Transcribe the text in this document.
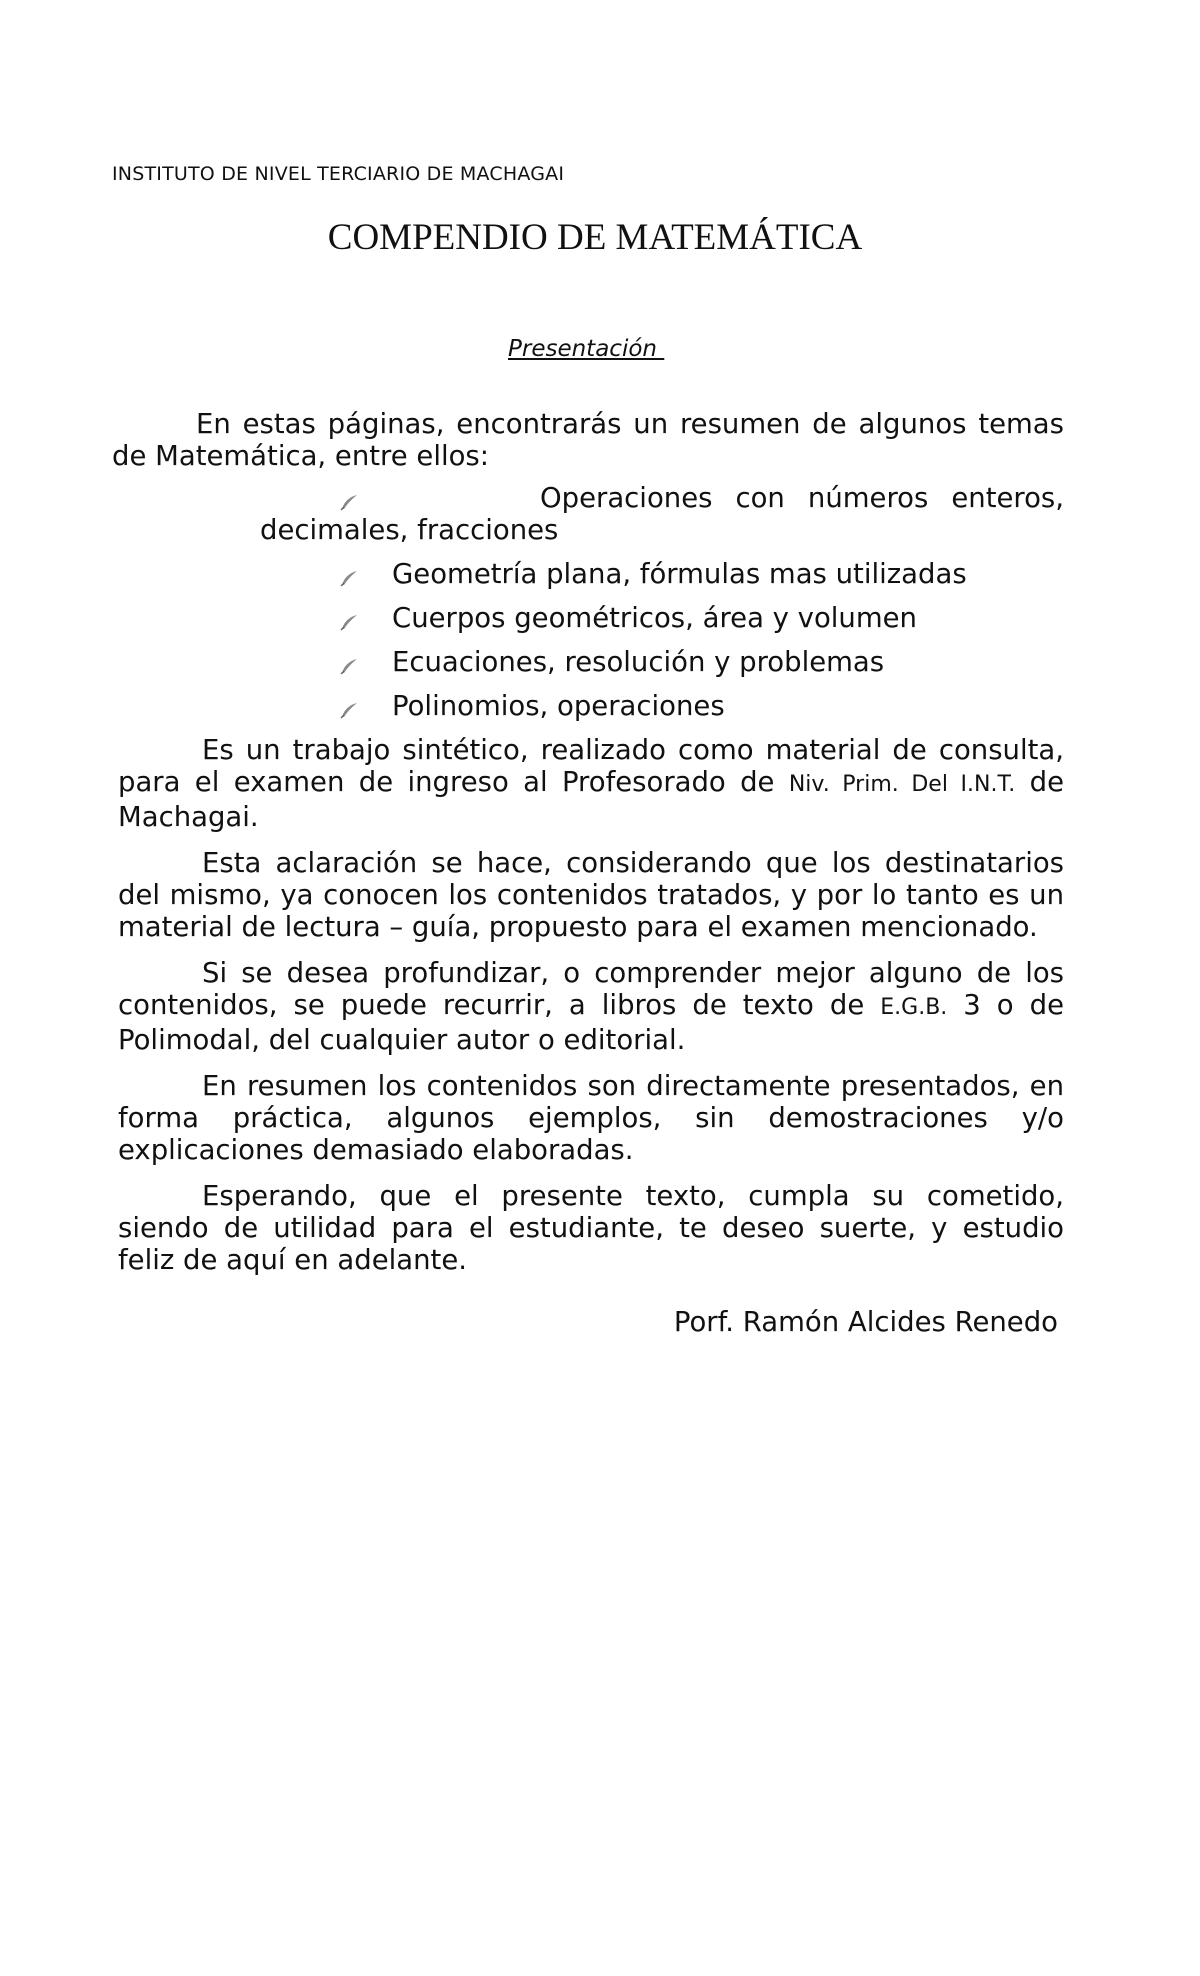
INSTITUTO DE NIVEL TERCIARIO DE MACHAGAI
COMPENDIO DE MATEMÁTICA
Presentación

En estas páginas, encontrarás un resumen de algunos temas de Matemática, entre ellos:

Operaciones con números enteros, decimales, fracciones
Geometría plana, fórmulas mas utilizadas
Cuerpos geométricos, área y volumen
Ecuaciones, resolución y problemas
Polinomios, operaciones

Es un trabajo sintético, realizado como material de consulta, para el examen de ingreso al Profesorado de Niv. Prim. Del I.N.T. de Machagai.

Esta aclaración se hace, considerando que los destinatarios del mismo, ya conocen los contenidos tratados, y por lo tanto es un material de lectura – guía, propuesto para el examen mencionado.

Si se desea profundizar, o comprender mejor alguno de los contenidos, se puede recurrir, a libros de texto de E.G.B. 3 o de Polimodal, del cualquier autor o editorial.

En resumen los contenidos son directamente presentados, en forma práctica, algunos ejemplos, sin demostraciones y/o explicaciones demasiado elaboradas.

Esperando, que el presente texto, cumpla su cometido, siendo de utilidad para el estudiante, te deseo suerte, y estudio feliz de aquí en adelante.

Porf. Ramón Alcides Renedo
